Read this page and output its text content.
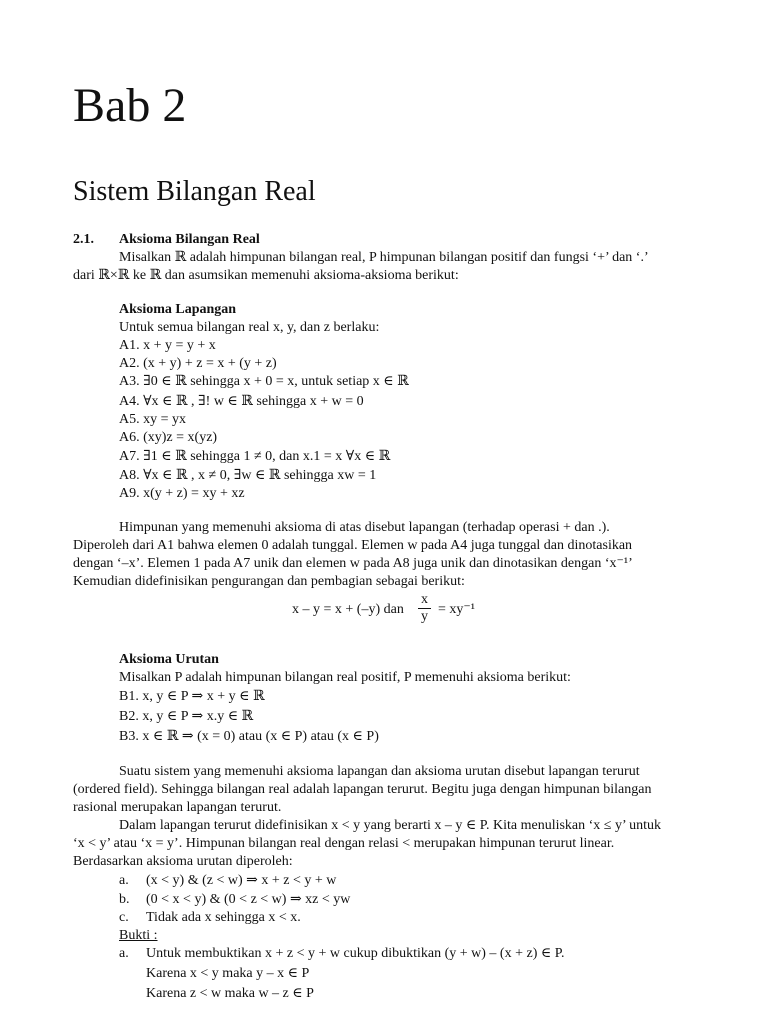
Bab 2
Sistem Bilangan Real
2.1. Aksioma Bilangan Real
Misalkan ℝ adalah himpunan bilangan real, P himpunan bilangan positif dan fungsi ‘+’ dan ‘.’
dari ℝ×ℝ ke ℝ dan asumsikan memenuhi aksioma-aksioma berikut:
Aksioma Lapangan
Untuk semua bilangan real x, y, dan z berlaku:
A1. x + y = y + x
A2. (x + y) + z = x + (y + z)
A3. ∃0 ∈ ℝ sehingga x + 0 = x, untuk setiap x ∈ ℝ
A4. ∀x ∈ ℝ , ∃! w ∈ ℝ sehingga x + w = 0
A5. xy = yx
A6. (xy)z = x(yz)
A7. ∃1 ∈ ℝ sehingga 1 ≠ 0, dan x.1 = x ∀x ∈ ℝ
A8. ∀x ∈ ℝ , x ≠ 0, ∃w ∈ ℝ sehingga xw = 1
A9. x(y + z) = xy + xz
Himpunan yang memenuhi aksioma di atas disebut lapangan (terhadap operasi + dan .).
Diperoleh dari A1 bahwa elemen 0 adalah tunggal. Elemen w pada A4 juga tunggal dan dinotasikan
dengan ‘–x’. Elemen 1 pada A7 unik dan elemen w pada A8 juga unik dan dinotasikan dengan ‘x⁻¹’
Kemudian didefinisikan pengurangan dan pembagian sebagai berikut:
x – y = x + (–y) dan $\frac{x}{y} = xy^{-1}$
Aksioma Urutan
Misalkan P adalah himpunan bilangan real positif, P memenuhi aksioma berikut:
B1. x, y ∈ P ⇒ x + y ∈ ℝ
B2. x, y ∈ P ⇒ x.y ∈ ℝ
B3. x ∈ ℝ ⇒ (x = 0) atau (x ∈ P) atau (x ∈ P)
Suatu sistem yang memenuhi aksioma lapangan dan aksioma urutan disebut lapangan terurut
(ordered field). Sehingga bilangan real adalah lapangan terurut. Begitu juga dengan himpunan bilangan
rasional merupakan lapangan terurut.
Dalam lapangan terurut didefinisikan x < y yang berarti x – y ∈ P. Kita menuliskan ‘x ≤ y’ untuk
‘x < y’ atau ‘x = y’. Himpunan bilangan real dengan relasi < merupakan himpunan terurut linear.
Berdasarkan aksioma urutan diperoleh:
a. (x < y) & (z < w) ⇒ x + z < y + w
b. (0 < x < y) & (0 < z < w) ⇒ xz < yw
c. Tidak ada x sehingga x < x.
Bukti :
a. Untuk membuktikan x + z < y + w cukup dibuktikan (y + w) – (x + z) ∈ P.
Karena x < y maka y – x ∈ P
Karena z < w maka w – z ∈ P
